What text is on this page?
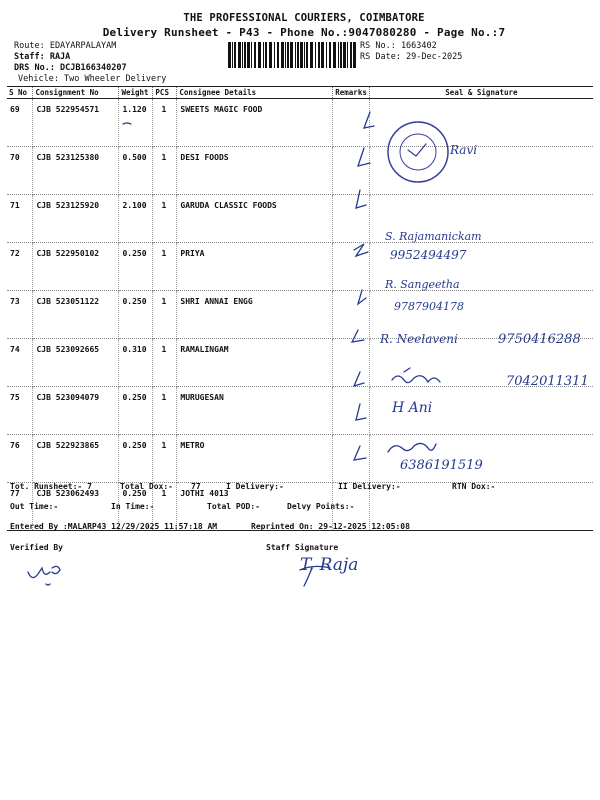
THE PROFESSIONAL COURIERS, COIMBATORE
Delivery Runsheet - P43 - Phone No.:9047080280 - Page No.:7
Route: EDAYARPALAYAM
Staff: RAJA
DRS No.: DCJB166340207
Vehicle: Two Wheeler Delivery
RS No.: 1663402
RS Date: 29-Dec-2025
S No	Consignment No	Weight	PCS	Consignee Details	Remarks	Seal & Signature
69	CJB 522954571	1.120	1	SWEETS MAGIC FOOD		
70	CJB 523125380	0.500	1	DESI FOODS		
71	CJB 523125920	2.100	1	GARUDA CLASSIC FOODS		
72	CJB 522950102	0.250	1	PRIYA		
73	CJB 523051122	0.250	1	SHRI ANNAI ENGG		
74	CJB 523092665	0.310	1	RAMALINGAM		
75	CJB 523094079	0.250	1	MURUGESAN		
76	CJB 522923865	0.250	1	METRO		
77	CJB 523062493	0.250	1	JOTHI 4013		
Ravi
S. Rajamanickam
9952494497
R. Sangeetha
9787904178
R. Neelaveni	9750416288
7042011311
H Ani
6386191519
Tot. Runsheet:- 7	Total Dox:- 77	I Delivery:-	II Delivery:-	RTN Dox:-
Out Time:-	In Time:-	Total POD:-	Delvy Points:-
Entered By :MALARP43 12/29/2025 11:57:18 AM	Reprinted On: 29-12-2025 12:05:08
Verified By	Staff Signature
T. Raja
